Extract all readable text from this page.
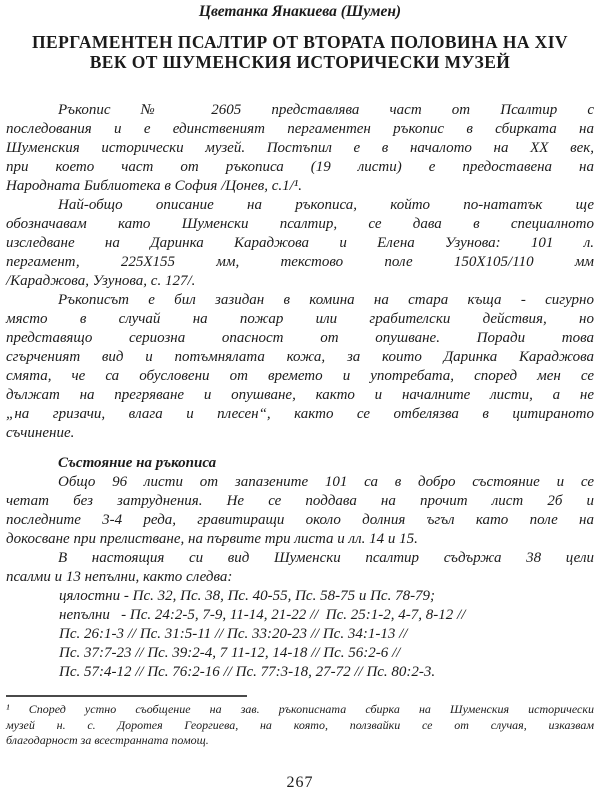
Цветанка Янакиева (Шумен)
ПЕРГАМЕНТЕН ПСАЛТИР ОТ ВТОРАТА ПОЛОВИНА НА XIV
ВЕК ОТ ШУМЕНСКИЯ ИСТОРИЧЕСКИ МУЗЕЙ
Ръкопис № 2605 представлява част от Псалтир с
последования и е единственият пергаментен ръкопис в сбирката на
Шуменския исторически музей. Постъпил е в началото на XX век,
при което част от ръкописа (19 листи) е предоставена на
Народната Библиотека в София /Цонев, с.1/¹.
Най-общо описание на ръкописа, който по-нататък ще
обозначавам като Шуменски псалтир, се дава в специалното
изследване на Даринка Караджова и Елена Узунова: 101 л.
пергамент, 225X155 мм, текстово поле 150X105/110 мм
/Караджова, Узунова, с. 127/.
Ръкописът е бил зазидан в комина на стара къща - сигурно
място в случай на пожар или грабителски действия, но
представящо сериозна опасност от опушване. Поради това
сгърченият вид и потъмнялата кожа, за които Даринка Караджова
смята, че са обусловени от времето и употребата, според мен се
дължат на прегряване и опушване, както и началните листи, а не
„на гризачи, влага и плесен“, както се отбелязва в цитираното
съчинение.
Състояние на ръкописа
Общо 96 листи от запазените 101 са в добро състояние и се
четат без затруднения. Не се поддава на прочит лист 2б и
последните 3-4 реда, гравитиращи около долния ъгъл като поле на
докосване при прелистване, на първите три листа и лл. 14 и 15.
В настоящия си вид Шуменски псалтир съдържа 38 цели
псалми и 13 непълни, както следва:
цялостни - Пс. 32, Пс. 38, Пс. 40-55, Пс. 58-75 и Пс. 78-79;
непълни   - Пс. 24:2-5, 7-9, 11-14, 21-22 //  Пс. 25:1-2, 4-7, 8-12 //
Пс. 26:1-3 // Пс. 31:5-11 // Пс. 33:20-23 // Пс. 34:1-13 //
Пс. 37:7-23 // Пс. 39:2-4, 7 11-12, 14-18 // Пс. 56:2-6 //
Пс. 57:4-12 // Пс. 76:2-16 // Пс. 77:3-18, 27-72 // Пс. 80:2-3.
¹ Според устно съобщение на зав. ръкописната сбирка на Шуменския исторически
музей н. с. Доротея Георгиева, на която, ползвайки се от случая, изказвам
благодарност за всестранната помощ.
267
